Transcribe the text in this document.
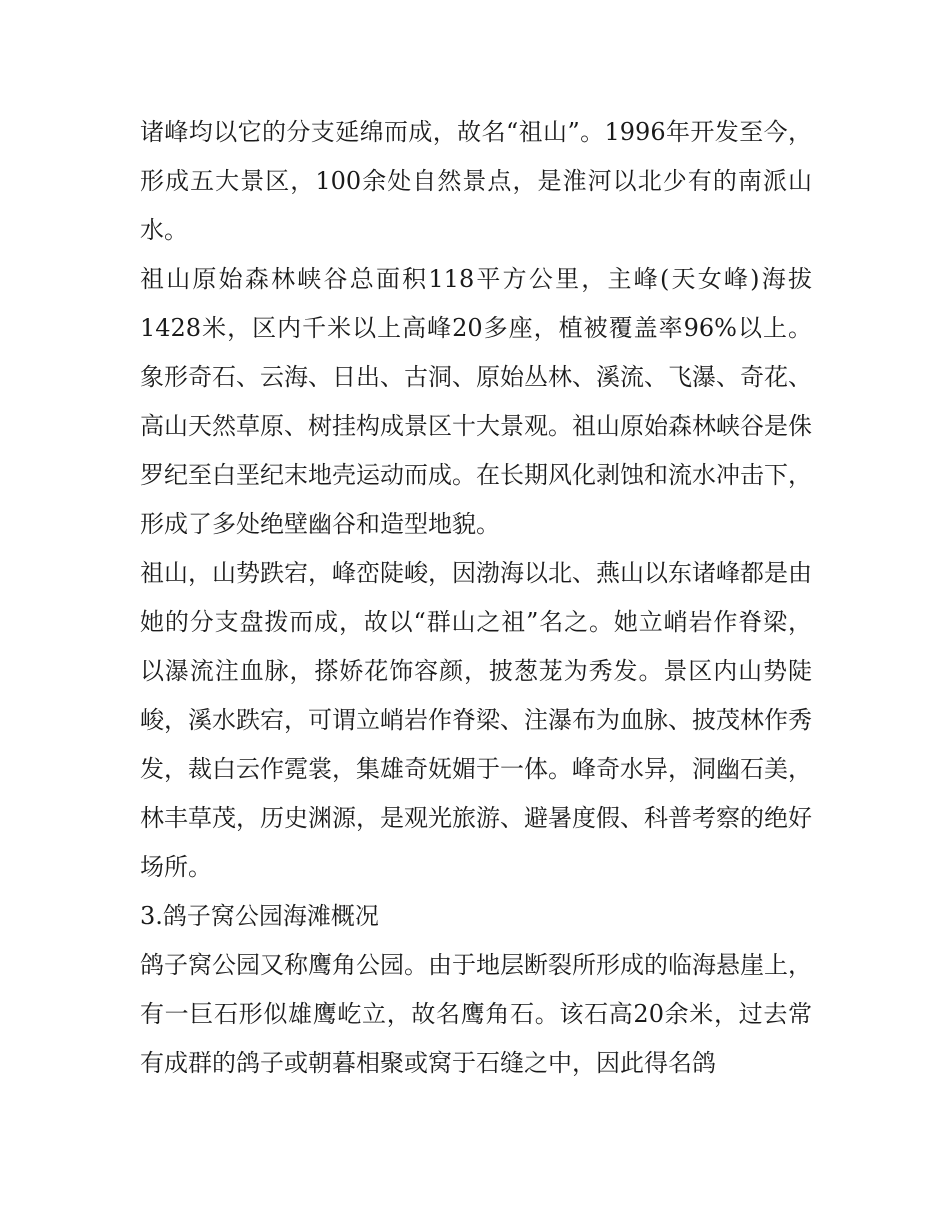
诸峰均以它的分支延绵而成，故名“祖山”。1996年开发至今，形成五大景区，100余处自然景点，是淮河以北少有的南派山水。

祖山原始森林峡谷总面积118平方公里，主峰(天女峰)海拔1428米，区内千米以上高峰20多座，植被覆盖率96%以上。象形奇石、云海、日出、古洞、原始丛林、溪流、飞瀑、奇花、高山天然草原、树挂构成景区十大景观。祖山原始森林峡谷是侏罗纪至白垩纪末地壳运动而成。在长期风化剥蚀和流水冲击下，形成了多处绝壁幽谷和造型地貌。

祖山，山势跌宕，峰峦陡峻，因渤海以北、燕山以东诸峰都是由她的分支盘拨而成，故以“群山之祖”名之。她立峭岩作脊梁，以瀑流注血脉，搽娇花饰容颜，披葱茏为秀发。景区内山势陡峻，溪水跌宕，可谓立峭岩作脊梁、注瀑布为血脉、披茂林作秀发，裁白云作霓裳，集雄奇妩媚于一体。峰奇水异，洞幽石美，林丰草茂，历史渊源，是观光旅游、避暑度假、科普考察的绝好场所。

3.鸽子窝公园海滩概况

鸽子窝公园又称鹰角公园。由于地层断裂所形成的临海悬崖上，有一巨石形似雄鹰屹立，故名鹰角石。该石高20余米，过去常有成群的鸽子或朝暮相聚或窝于石缝之中，因此得名鸽
